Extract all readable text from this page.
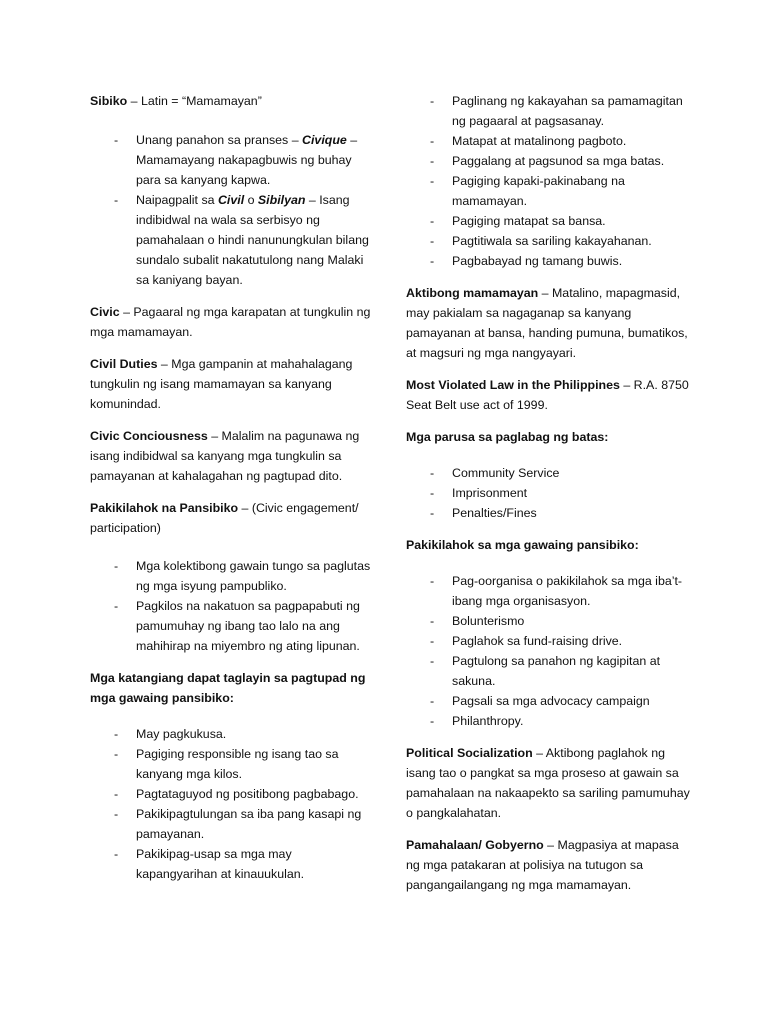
Sibiko – Latin = “Mamamayan”

- Unang panahon sa pranses – Civique – Mamamayang nakapagbuwis ng buhay para sa kanyang kapwa.
- Naipagpalit sa Civil o Sibilyan – Isang indibidwal na wala sa serbisyo ng pamahalaan o hindi nanunungkulan bilang sundalo subalit nakatutulong nang Malaki sa kaniyang bayan.

Civic – Pagaaral ng mga karapatan at tungkulin ng mga mamamayan.

Civil Duties – Mga gampanin at mahahalagang tungkulin ng isang mamamayan sa kanyang komunindad.

Civic Conciousness – Malalim na pagunawa ng isang indibidwal sa kanyang mga tungkulin sa pamayanan at kahalagahan ng pagtupad dito.

Pakikilahok na Pansibiko – (Civic engagement/ participation)

- Mga kolektibong gawain tungo sa paglutas ng mga isyung pampubliko.
- Pagkilos na nakatuon sa pagpapabuti ng pamumuhay ng ibang tao lalo na ang mahihirap na miyembro ng ating lipunan.

Mga katangiang dapat taglayin sa pagtupad ng mga gawaing pansibiko:

- May pagkukusa.
- Pagiging responsible ng isang tao sa kanyang mga kilos.
- Pagtataguyod ng positibong pagbabago.
- Pakikipagtulungan sa iba pang kasapi ng pamayanan.
- Pakikipag-usap sa mga may kapangyarihan at kinauukulan.
- Paglinang ng kakayahan sa pamamagitan ng pagaaral at pagsasanay.
- Matapat at matalinong pagboto.
- Paggalang at pagsunod sa mga batas.
- Pagiging kapaki-pakinabang na mamamayan.
- Pagiging matapat sa bansa.
- Pagtitiwala sa sariling kakayahanan.
- Pagbabayad ng tamang buwis.

Aktibong mamamayan – Matalino, mapagmasid, may pakialam sa nagaganap sa kanyang pamayanan at bansa, handing pumuna, bumatikos, at magsuri ng mga nangyayari.

Most Violated Law in the Philippines – R.A. 8750 Seat Belt use act of 1999.

Mga parusa sa paglabag ng batas:

- Community Service
- Imprisonment
- Penalties/Fines

Pakikilahok sa mga gawaing pansibiko:

- Pag-oorganisa o pakikilahok sa mga iba’t-ibang mga organisasyon.
- Bolunterismo
- Paglahok sa fund-raising drive.
- Pagtulong sa panahon ng kagipitan at sakuna.
- Pagsali sa mga advocacy campaign
- Philanthropy.

Political Socialization – Aktibong paglahok ng isang tao o pangkat sa mga proseso at gawain sa pamahalaan na nakaapekto sa sariling pamumuhay o pangkalahatan.

Pamahalaan/ Gobyerno – Magpasiya at mapasa ng mga patakaran at polisiya na tutugon sa pangangailangang ng mga mamamayan.
